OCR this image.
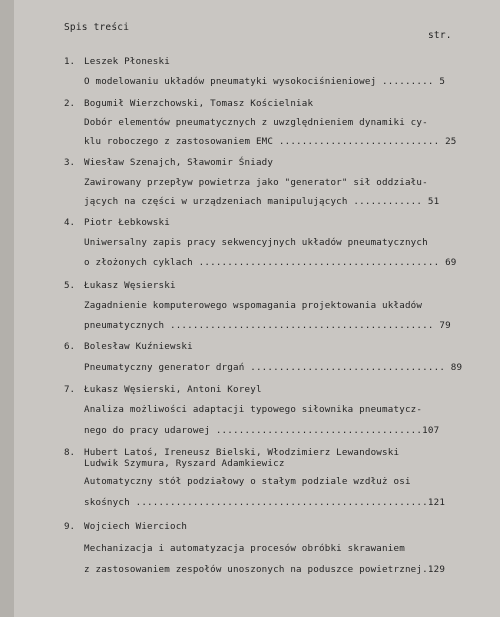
Spis treści
str.
1. Leszek Płoneski
O modelowaniu układów pneumatyki wysokociśnieniowej ......... 5
2. Bogumił Wierzchowski, Tomasz Kościelniak
Dobór elementów pneumatycznych z uwzględnieniem dynamiki cy-
klu roboczego z zastosowaniem EMC ............................ 25
3. Wiesław Szenajch, Sławomir Śniady
Zawirowany przepływ powietrza jako "generator" sił oddziału-
jących na części w urządzeniach manipulujących ............ 51
4. Piotr Łebkowski
Uniwersalny zapis pracy sekwencyjnych układów pneumatycznych
o złożonych cyklach .......................................... 69
5. Łukasz Węsierski
Zagadnienie komputerowego wspomagania projektowania układów
pneumatycznych .............................................. 79
6. Bolesław Kuźniewski
Pneumatyczny generator drgań .................................. 89
7. Łukasz Węsierski, Antoni Koreyl
Analiza możliwości adaptacji typowego siłownika pneumatycz-
nego do pracy udarowej ....................................107
8. Hubert Latoś, Ireneusz Bielski, Włodzimierz Lewandowski
Ludwik Szymura, Ryszard Adamkiewicz
Automatyczny stół podziałowy o stałym podziale wzdłuż osi
skośnych ...................................................121
9. Wojciech Wiercioch
Mechanizacja i automatyzacja procesów obróbki skrawaniem
z zastosowaniem zespołów unoszonych na poduszce powietrznej.129
